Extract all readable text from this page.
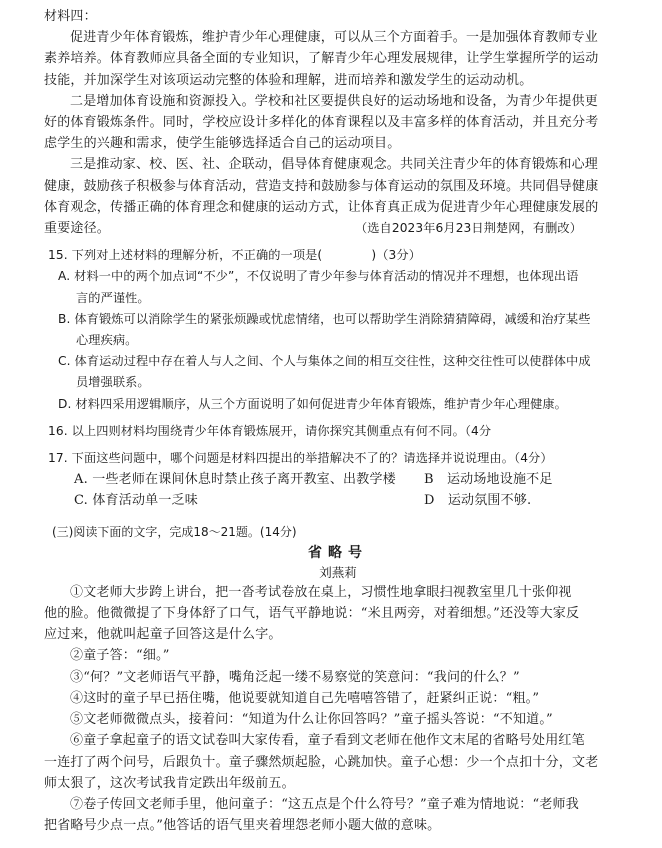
材料四：
促进青少年体育锻炼，维护青少年心理健康，可以从三个方面着手。一是加强体育教师专业
素养培养。体育教师应具备全面的专业知识，了解青少年心理发展规律，让学生掌握所学的运动
技能，并加深学生对该项运动完整的体验和理解，进而培养和激发学生的运动动机。
二是增加体育设施和资源投入。学校和社区要提供良好的运动场地和设备，为青少年提供更
好的体育锻炼条件。同时，学校应设计多样化的体育课程以及丰富多样的体育活动，并且充分考
虑学生的兴趣和需求，使学生能够选择适合自己的运动项目。
三是推动家、校、医、社、企联动，倡导体育健康观念。共同关注青少年的体育锻炼和心理
健康，鼓励孩子积极参与体育活动，营造支持和鼓励参与体育运动的氛围及环境。共同倡导健康
体育观念，传播正确的体育理念和健康的运动方式，让体育真正成为促进青少年心理健康发展的
重要途径。	（选自2023年6月23日荆楚网，有删改）
15. 下列对上述材料的理解分析，不正确的一项是(　　　　)（3分）
A. 材料一中的两个加点词“不少”，不仅说明了青少年参与体育活动的情况并不理想，也体现出语
言的严谨性。
B. 体育锻炼可以消除学生的紧张烦躁或忧虑情绪，也可以帮助学生消除猜猜障碍，减缓和治疗某些
心理疾病。
C. 体育运动过程中存在着人与人之间、个人与集体之间的相互交往性，这种交往性可以使群体中成
员增强联系。
D. 材料四采用逻辑顺序，从三个方面说明了如何促进青少年体育锻炼，维护青少年心理健康。
16. 以上四则材料均围绕青少年体育锻炼展开，请你探究其侧重点有何不同。（4分
17. 下面这些问题中，哪个问题是材料四提出的举措解决不了的？请选择并说说理由。（4分）
A. 一些老师在课间休息时禁止孩子离开教室、出教学楼	B　运动场地设施不足
C. 体育活动单一乏味	D　运动氛围不够.
(三)阅读下面的文字，完成18～21题。(14分)
省略号
刘燕莉
①文老师大步跨上讲台，把一沓考试卷放在桌上，习惯性地拿眼扫视教室里几十张仰视
他的脸。他微微提了下身体舒了口气，语气平静地说：“米且两旁，对着细想。”还没等大家反
应过来，他就叫起童子回答这是什么字。
②童子答：“细。”
③“何？”文老师语气平静，嘴角泛起一缕不易察觉的笑意问：“我问的什么？”
④这时的童子早已捂住嘴，他说要就知道自己先嘻嘻答错了，赶紧纠正说：“粗。”
⑤文老师微微点头，接着问：“知道为什么让你回答吗？”童子摇头答说：“不知道。”
⑥童子拿起童子的语文试卷叫大家传看，童子看到文老师在他作文末尾的省略号处用红笔
一连打了两个问号，后跟负十。童子骤然烦起脸，心跳加快。童子心想：少一个点扣十分，文老
师太狠了，这次考试我肯定跌出年级前五。
⑦卷子传回文老师手里，他问童子：“这五点是个什么符号？”童子难为情地说：“老师我
把省略号少点一点。”他答话的语气里夹着埋怨老师小题大做的意味。
